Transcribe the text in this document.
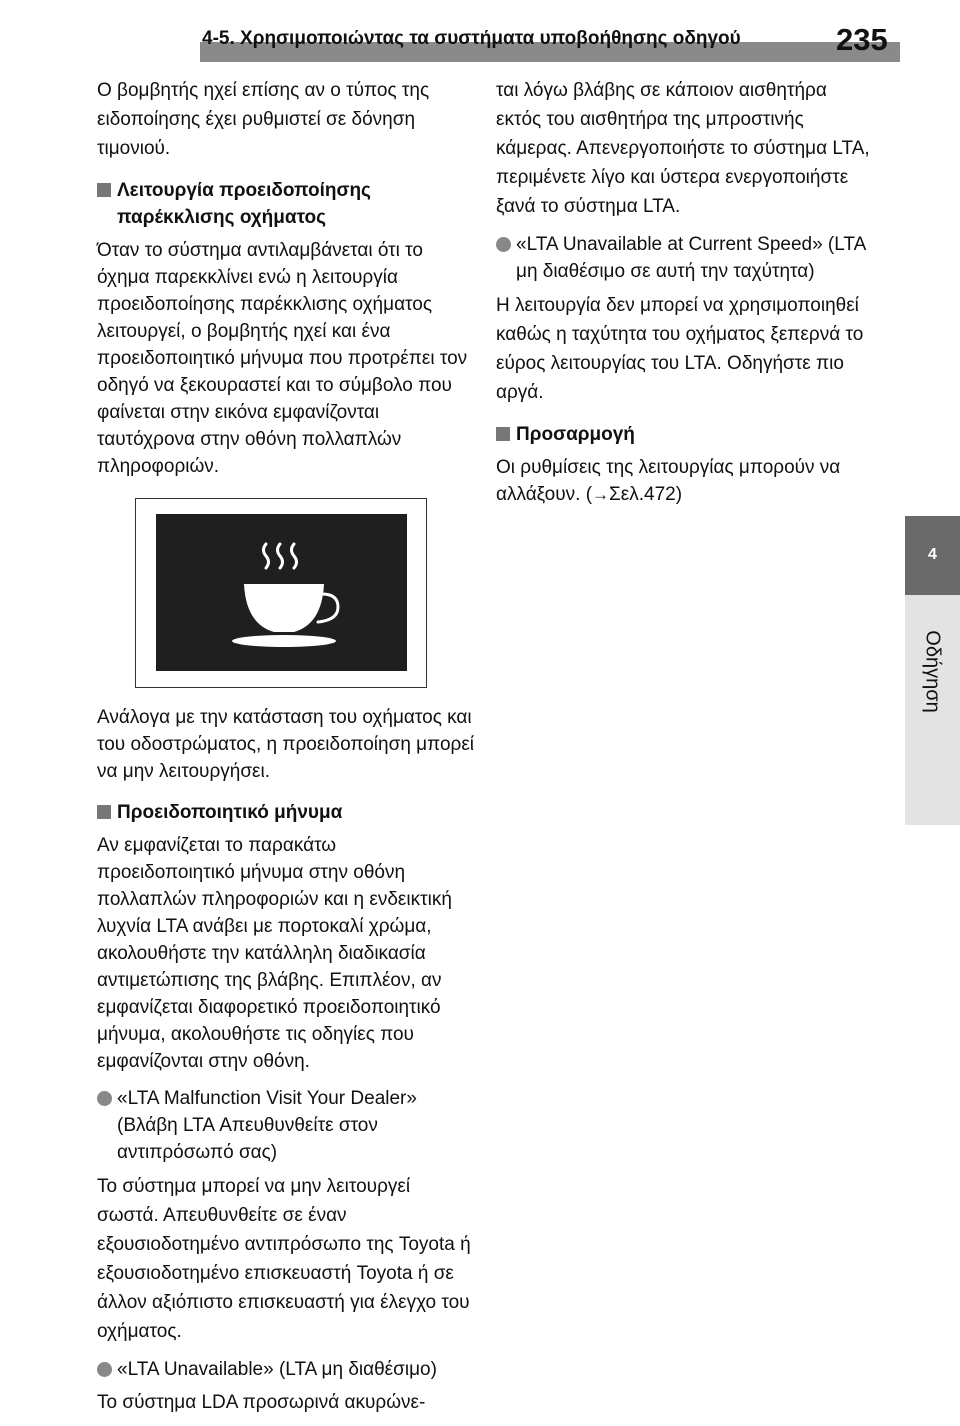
4-5. Χρησιμοποιώντας τα συστήματα υποβοήθησης οδηγού	235
4
Οδήγηση

Ο βομβητής ηχεί επίσης αν ο τύπος της ειδοποίησης έχει ρυθμιστεί σε δόνηση τιμονιού.

Λειτουργία προειδοποίησης παρέκκλισης οχήματος

Όταν το σύστημα αντιλαμβάνεται ότι το όχημα παρεκκλίνει ενώ η λειτουργία προειδοποίησης παρέκκλισης οχήματος λειτουργεί, ο βομβητής ηχεί και ένα προειδοποιητικό μήνυμα που προτρέπει τον οδηγό να ξεκουραστεί και το σύμβολο που φαίνεται στην εικόνα εμφανίζονται ταυτόχρονα στην οθόνη πολλαπλών πληροφοριών.

Ανάλογα με την κατάσταση του οχήματος και του οδοστρώματος, η προειδοποίηση μπορεί να μην λειτουργήσει.

Προειδοποιητικό μήνυμα

Αν εμφανίζεται το παρακάτω προειδοποιητικό μήνυμα στην οθόνη πολλαπλών πληροφοριών και η ενδεικτική λυχνία LTA ανάβει με πορτοκαλί χρώμα, ακολουθήστε την κατάλληλη διαδικασία αντιμετώπισης της βλάβης. Επιπλέον, αν εμφανίζεται διαφορετικό προειδοποιητικό μήνυμα, ακολουθήστε τις οδηγίες που εμφανίζονται στην οθόνη.

«LTA Malfunction Visit Your Dealer» (Βλάβη LTA Απευθυνθείτε στον αντιπρόσωπό σας)

Το σύστημα μπορεί να μην λειτουργεί σωστά. Απευθυνθείτε σε έναν εξουσιοδοτημένο αντιπρόσωπο της Toyota ή εξουσιοδοτημένο επισκευαστή Toyota ή σε άλλον αξιόπιστο επισκευαστή για έλεγχο του οχήματος.

«LTA Unavailable» (LTA μη διαθέσιμο)

Το σύστημα LDA προσωρινά ακυρώνε-

ται λόγω βλάβης σε κάποιον αισθητήρα εκτός του αισθητήρα της μπροστινής κάμερας. Απενεργοποιήστε το σύστημα LTA, περιμένετε λίγο και ύστερα ενεργοποιήστε ξανά το σύστημα LTA.

«LTA Unavailable at Current Speed» (LTA μη διαθέσιμο σε αυτή την ταχύτητα)

Η λειτουργία δεν μπορεί να χρησιμοποιηθεί καθώς η ταχύτητα του οχήματος ξεπερνά το εύρος λειτουργίας του LTA. Οδηγήστε πιο αργά.

Προσαρμογή

Οι ρυθμίσεις της λειτουργίας μπορούν να αλλάξουν. (→Σελ.472)
